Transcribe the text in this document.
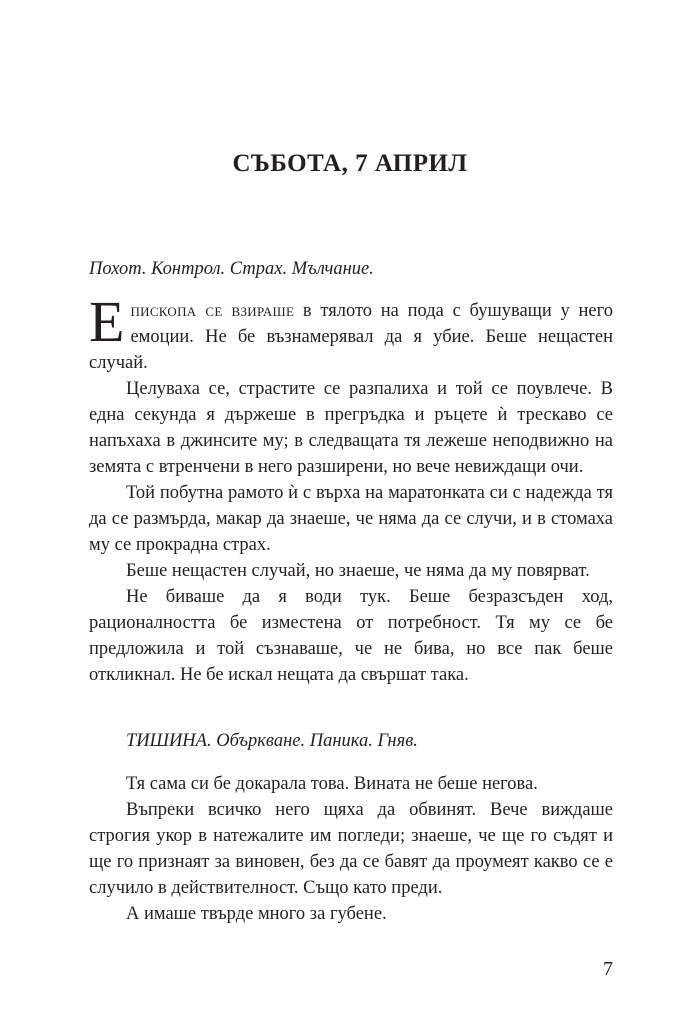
СЪБОТА, 7 АПРИЛ

Похот. Контрол. Страх. Мълчание.

Епископа се взираше в тялото на пода с бушуващи у него емоции. Не бе възнамерявал да я убие. Беше нещастен случай.

Целуваха се, страстите се разпалиха и той се поувлече. В една секунда я държеше в прегръдка и ръцете ѝ трескаво се напъхаха в джинсите му; в следващата тя лежеше неподвижно на земята с втренчени в него разширени, но вече невиждащи очи.

Той побутна рамото ѝ с върха на маратонката си с надежда тя да се размърда, макар да знаеше, че няма да се случи, и в стомаха му се прокрадна страх.

Беше нещастен случай, но знаеше, че няма да му повярват.

Не биваше да я води тук. Беше безразсъден ход, рационалността бе изместена от потребност. Тя му се бе предложила и той съзнаваше, че не бива, но все пак беше откликнал. Не бе искал нещата да свършат така.

ТИШИНА. Объркване. Паника. Гняв.

Тя сама си бе докарала това. Вината не беше негова.

Въпреки всичко него щяха да обвинят. Вече виждаше строгия укор в натежалите им погледи; знаеше, че ще го съдят и ще го признаят за виновен, без да се бавят да проумеят какво се е случило в действителност. Също като преди.

А имаше твърде много за губене.

7
